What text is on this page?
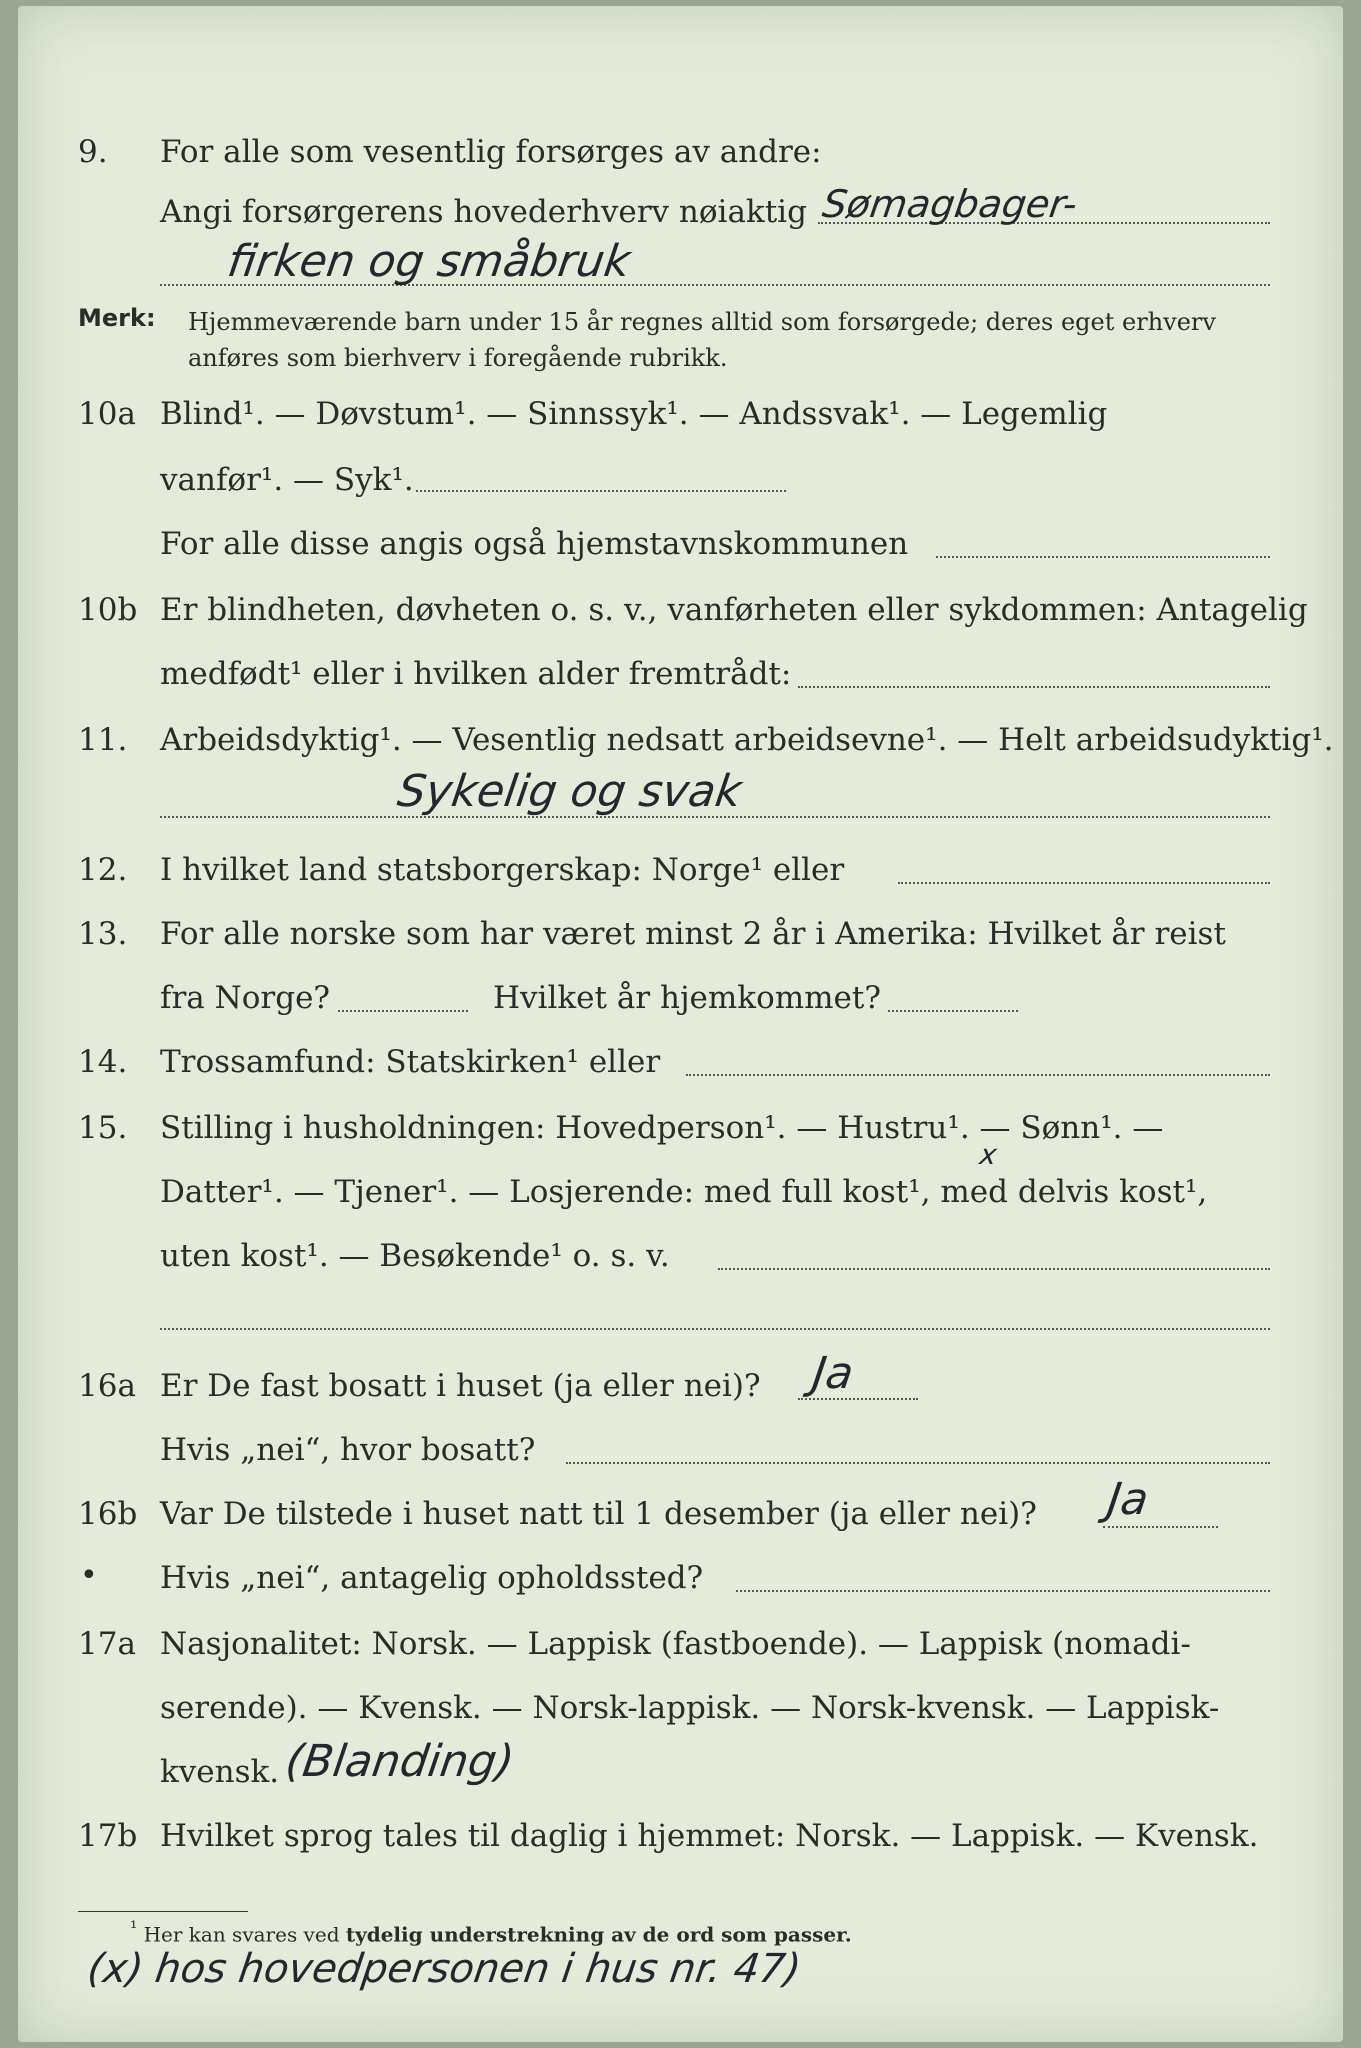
9. For alle som vesentlig forsørges av andre:
Angi forsørgerens hovederhverv nøiaktig Sømagbager-
firken og småbruk
Merk: Hjemmeværende barn under 15 år regnes alltid som forsørgede; deres eget erhverv anføres som bierhverv i foregående rubrikk.
10a Blind¹. — Døvstum¹. — Sinnssyk¹. — Andssvak¹. — Legemlig
vanfør¹. — Syk¹.
For alle disse angis også hjemstavnskommunen
10b Er blindheten, døvheten o. s. v., vanførheten eller sykdommen: Antagelig
medfødt¹ eller i hvilken alder fremtrådt:
11. Arbeidsdyktig¹. — Vesentlig nedsatt arbeidsevne¹. — Helt arbeidsudyktig¹.
Sykelig og svak
12. I hvilket land statsborgerskap: Norge¹ eller
13. For alle norske som har været minst 2 år i Amerika: Hvilket år reist
fra Norge?	Hvilket år hjemkommet?
14. Trossamfund: Statskirken¹ eller
15. Stilling i husholdningen: Hovedperson¹. — Hustru¹. — Sønn¹. —
Datter¹. — Tjener¹. — Losjerende: med full kost¹, med delvis kost¹,
x
uten kost¹. — Besøkende¹ o. s. v.
16a Er De fast bosatt i huset (ja eller nei)? Ja
Hvis „nei“, hvor bosatt?
16b Var De tilstede i huset natt til 1 desember (ja eller nei)? Ja
• Hvis „nei“, antagelig opholdssted?
17a Nasjonalitet: Norsk. — Lappisk (fastboende). — Lappisk (nomadi-
serende). — Kvensk. — Norsk-lappisk. — Norsk-kvensk. — Lappisk-
kvensk. (Blanding)
17b Hvilket sprog tales til daglig i hjemmet: Norsk. — Lappisk. — Kvensk.
¹ Her kan svares ved tydelig understrekning av de ord som passer.
(x) hos hovedpersonen i hus nr. 47)
